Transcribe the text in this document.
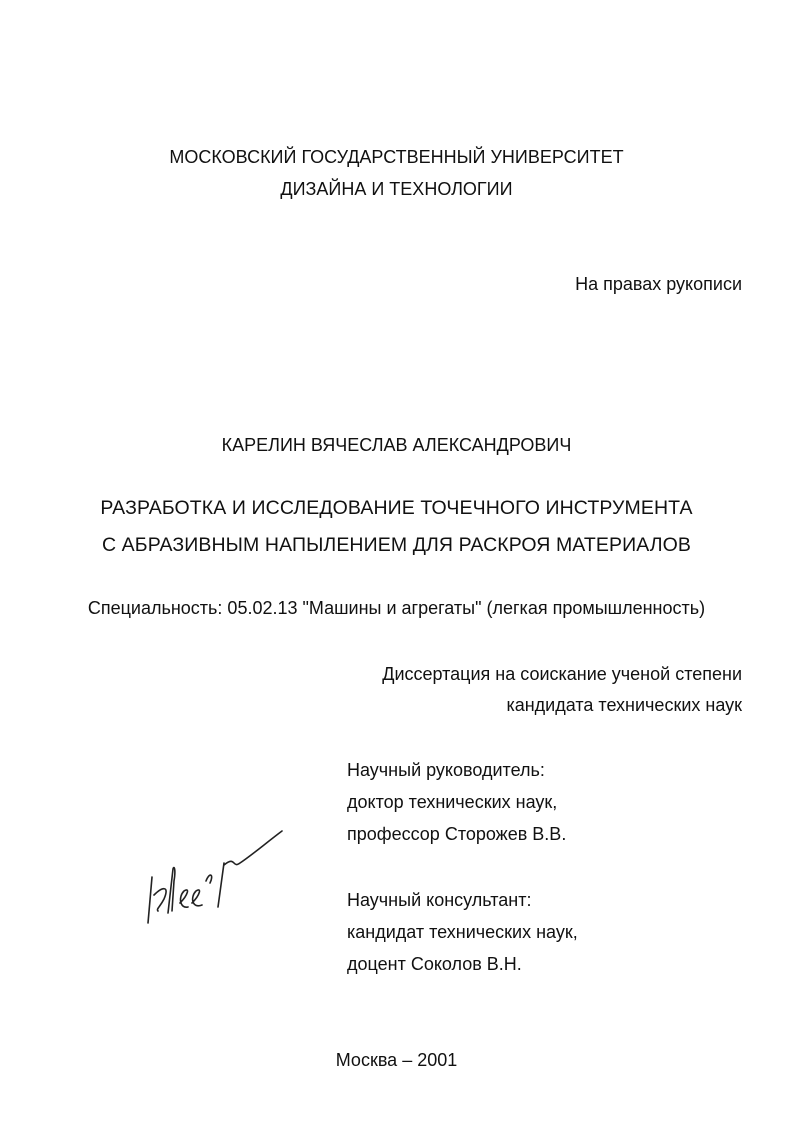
МОСКОВСКИЙ ГОСУДАРСТВЕННЫЙ УНИВЕРСИТЕТ
ДИЗАЙНА И ТЕХНОЛОГИИ
На правах рукописи
КАРЕЛИН ВЯЧЕСЛАВ АЛЕКСАНДРОВИЧ
РАЗРАБОТКА И ИССЛЕДОВАНИЕ ТОЧЕЧНОГО ИНСТРУМЕНТА
С АБРАЗИВНЫМ НАПЫЛЕНИЕМ ДЛЯ РАСКРОЯ МАТЕРИАЛОВ
Специальность: 05.02.13 "Машины и агрегаты" (легкая промышленность)
Диссертация на соискание ученой степени
кандидата технических наук
Научный руководитель:
доктор технических наук,
профессор Сторожев В.В.
Научный консультант:
кандидат технических наук,
доцент Соколов В.Н.
Москва – 2001
